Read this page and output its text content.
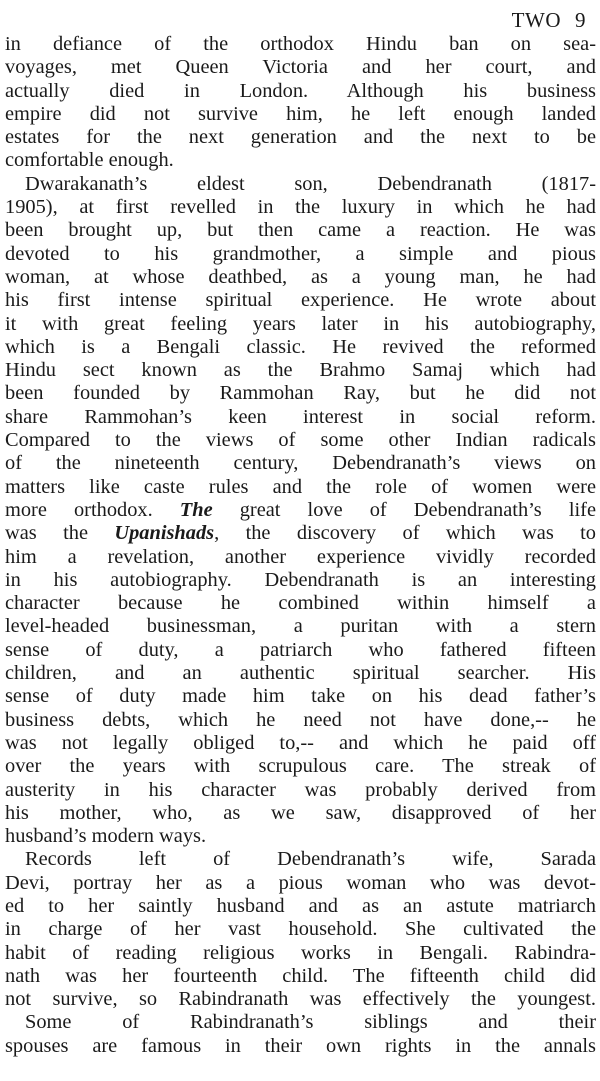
TWO 9
in defiance of the orthodox Hindu ban on sea-
voyages, met Queen Victoria and her court, and
actually died in London. Although his business
empire did not survive him, he left enough landed
estates for the next generation and the next to be
comfortable enough.
Dwarakanath’s eldest son, Debendranath (1817-
1905), at first revelled in the luxury in which he had
been brought up, but then came a reaction. He was
devoted to his grandmother, a simple and pious
woman, at whose deathbed, as a young man, he had
his first intense spiritual experience. He wrote about
it with great feeling years later in his autobiography,
which is a Bengali classic. He revived the reformed
Hindu sect known as the Brahmo Samaj which had
been founded by Rammohan Ray, but he did not
share Rammohan’s keen interest in social reform.
Compared to the views of some other Indian radicals
of the nineteenth century, Debendranath’s views on
matters like caste rules and the role of women were
more orthodox. The great love of Debendranath’s life
was the Upanishads, the discovery of which was to
him a revelation, another experience vividly recorded
in his autobiography. Debendranath is an interesting
character because he combined within himself a
level-headed businessman, a puritan with a stern
sense of duty, a patriarch who fathered fifteen
children, and an authentic spiritual searcher. His
sense of duty made him take on his dead father’s
business debts, which he need not have done,-- he
was not legally obliged to,-- and which he paid off
over the years with scrupulous care. The streak of
austerity in his character was probably derived from
his mother, who, as we saw, disapproved of her
husband’s modern ways.
Records left of Debendranath’s wife, Sarada
Devi, portray her as a pious woman who was devot-
ed to her saintly husband and as an astute matriarch
in charge of her vast household. She cultivated the
habit of reading religious works in Bengali. Rabindra-
nath was her fourteenth child. The fifteenth child did
not survive, so Rabindranath was effectively the youngest.
Some of Rabindranath’s siblings and their
spouses are famous in their own rights in the annals
